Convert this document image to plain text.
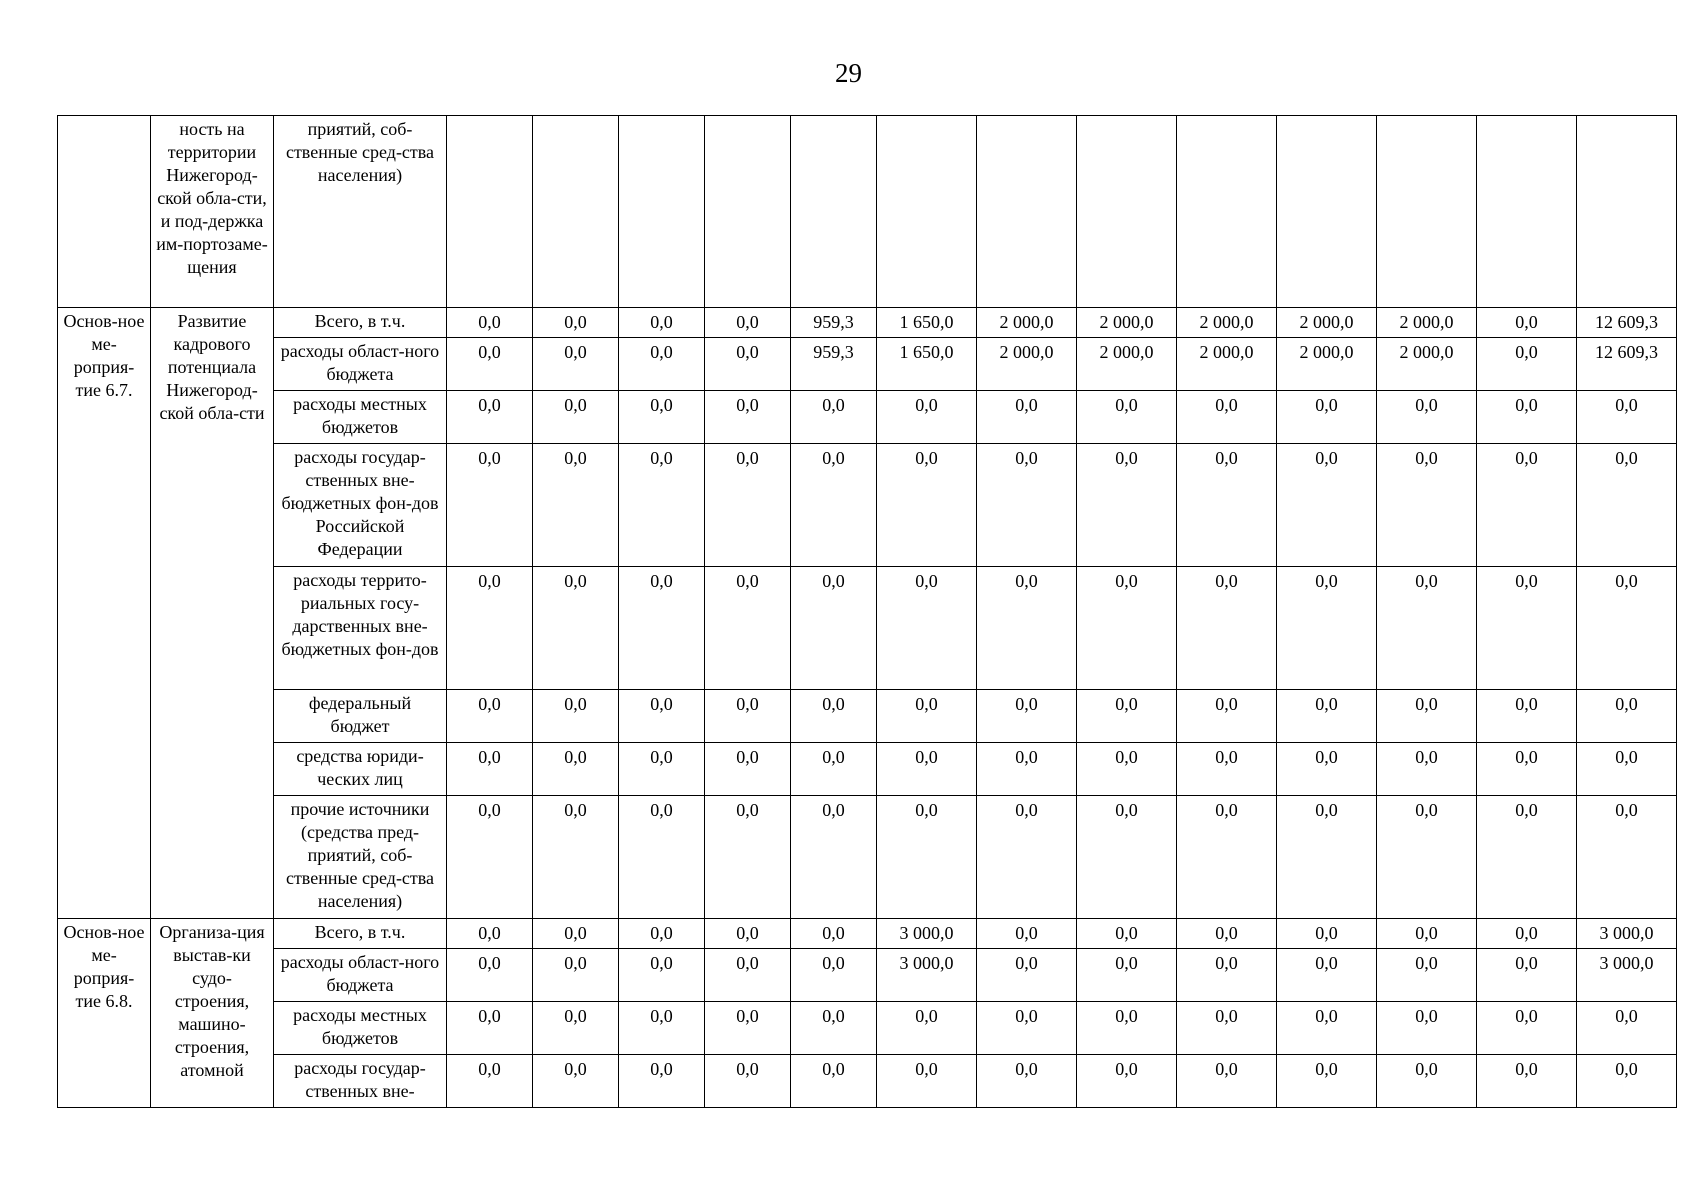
29
	ность на территории Нижегород-ской обла-сти, и под-держка им-портозаме-щения	приятий, соб-ственные сред-ства населения)													
Основ-ное ме-роприя-тие 6.7.	Развитие кадрового потенциала Нижегород-ской обла-сти	Всего, в т.ч.	0,0	0,0	0,0	0,0	959,3	1 650,0	2 000,0	2 000,0	2 000,0	2 000,0	2 000,0	0,0	12 609,3
		расходы област-ного бюджета	0,0	0,0	0,0	0,0	959,3	1 650,0	2 000,0	2 000,0	2 000,0	2 000,0	2 000,0	0,0	12 609,3
		расходы местных бюджетов	0,0	0,0	0,0	0,0	0,0	0,0	0,0	0,0	0,0	0,0	0,0	0,0	0,0
		расходы государ-ственных вне-бюджетных фон-дов Российской Федерации	0,0	0,0	0,0	0,0	0,0	0,0	0,0	0,0	0,0	0,0	0,0	0,0	0,0
		расходы террито-риальных госу-дарственных вне-бюджетных фон-дов	0,0	0,0	0,0	0,0	0,0	0,0	0,0	0,0	0,0	0,0	0,0	0,0	0,0
		федеральный бюджет	0,0	0,0	0,0	0,0	0,0	0,0	0,0	0,0	0,0	0,0	0,0	0,0	0,0
		средства юриди-ческих лиц	0,0	0,0	0,0	0,0	0,0	0,0	0,0	0,0	0,0	0,0	0,0	0,0	0,0
		прочие источники (средства пред-приятий, соб-ственные сред-ства населения)	0,0	0,0	0,0	0,0	0,0	0,0	0,0	0,0	0,0	0,0	0,0	0,0	0,0
Основ-ное ме-роприя-тие 6.8.	Организа-ция выстав-ки судо-строения, машино-строения, атомной	Всего, в т.ч.	0,0	0,0	0,0	0,0	0,0	3 000,0	0,0	0,0	0,0	0,0	0,0	0,0	3 000,0
		расходы област-ного бюджета	0,0	0,0	0,0	0,0	0,0	3 000,0	0,0	0,0	0,0	0,0	0,0	0,0	3 000,0
		расходы местных бюджетов	0,0	0,0	0,0	0,0	0,0	0,0	0,0	0,0	0,0	0,0	0,0	0,0	0,0
		расходы государ-ственных вне-	0,0	0,0	0,0	0,0	0,0	0,0	0,0	0,0	0,0	0,0	0,0	0,0	0,0
